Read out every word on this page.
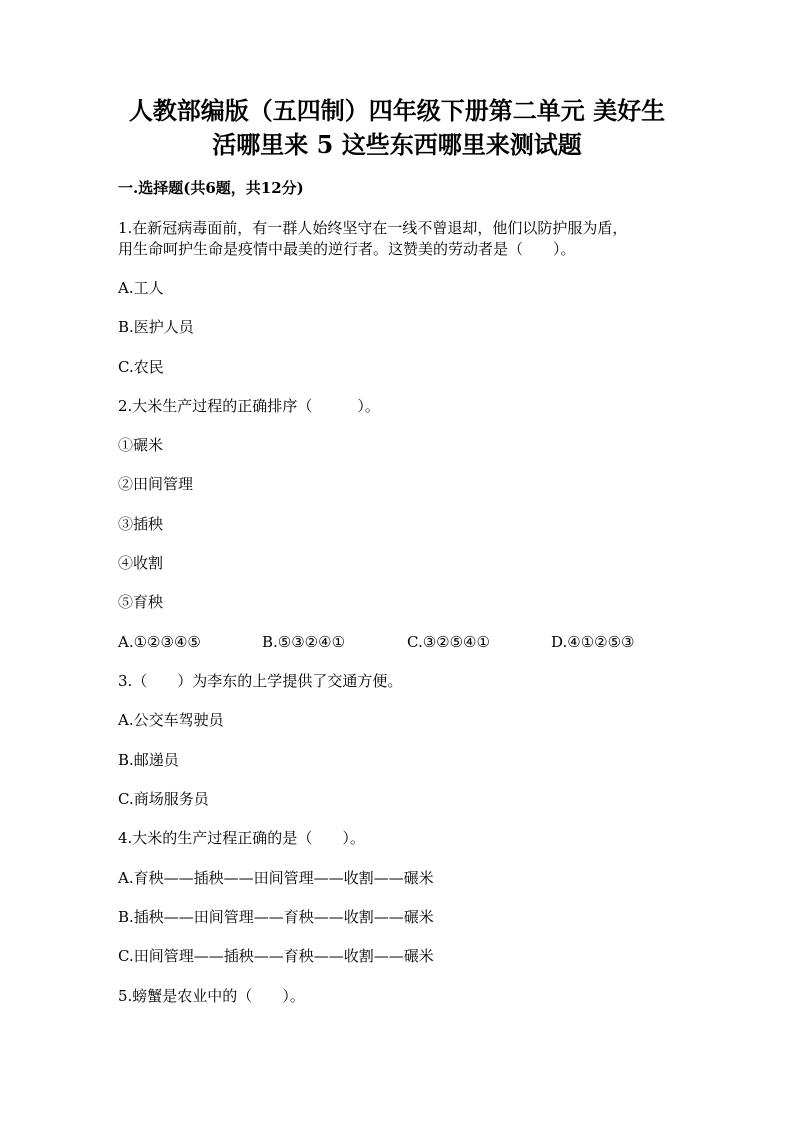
人教部编版（五四制）四年级下册第二单元 美好生
活哪里来 5 这些东西哪里来测试题
一.选择题(共6题，共12分)
1.在新冠病毒面前，有一群人始终坚守在一线不曾退却，他们以防护服为盾，
用生命呵护生命是疫情中最美的逆行者。这赞美的劳动者是（　　）。
A.工人
B.医护人员
C.农民
2.大米生产过程的正确排序（　　　）。
①碾米
②田间管理
③插秧
④收割
⑤育秧
A.①②③④⑤	B.⑤③②④①	C.③②⑤④①	D.④①②⑤③
3.（　　）为李东的上学提供了交通方便。
A.公交车驾驶员
B.邮递员
C.商场服务员
4.大米的生产过程正确的是（　　）。
A.育秧——插秧——田间管理——收割——碾米
B.插秧——田间管理——育秧——收割——碾米
C.田间管理——插秧——育秧——收割——碾米
5.螃蟹是农业中的（　　）。
